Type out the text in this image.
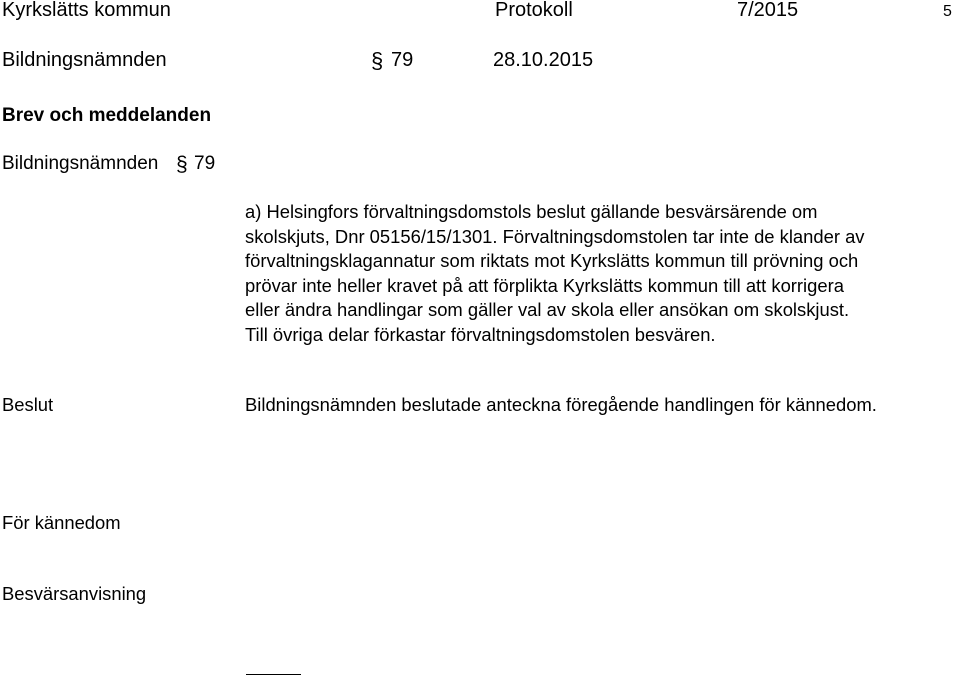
Kyrkslätts kommun	Protokoll	7/2015	5
Bildningsnämnden	§ 79	28.10.2015
Brev och meddelanden
Bildningsnämnden § 79
a) Helsingfors förvaltningsdomstols beslut gällande besvärsärende om
skolskjuts, Dnr 05156/15/1301. Förvaltningsdomstolen tar inte de klander av
förvaltningsklagannatur som riktats mot Kyrkslätts kommun till prövning och
prövar inte heller kravet på att förplikta Kyrkslätts kommun till att korrigera
eller ändra handlingar som gäller val av skola eller ansökan om skolskjust.
Till övriga delar förkastar förvaltningsdomstolen besvären.
Beslut	Bildningsnämnden beslutade anteckna föregående handlingen för kännedom.
För kännedom
Besvärsanvisning
